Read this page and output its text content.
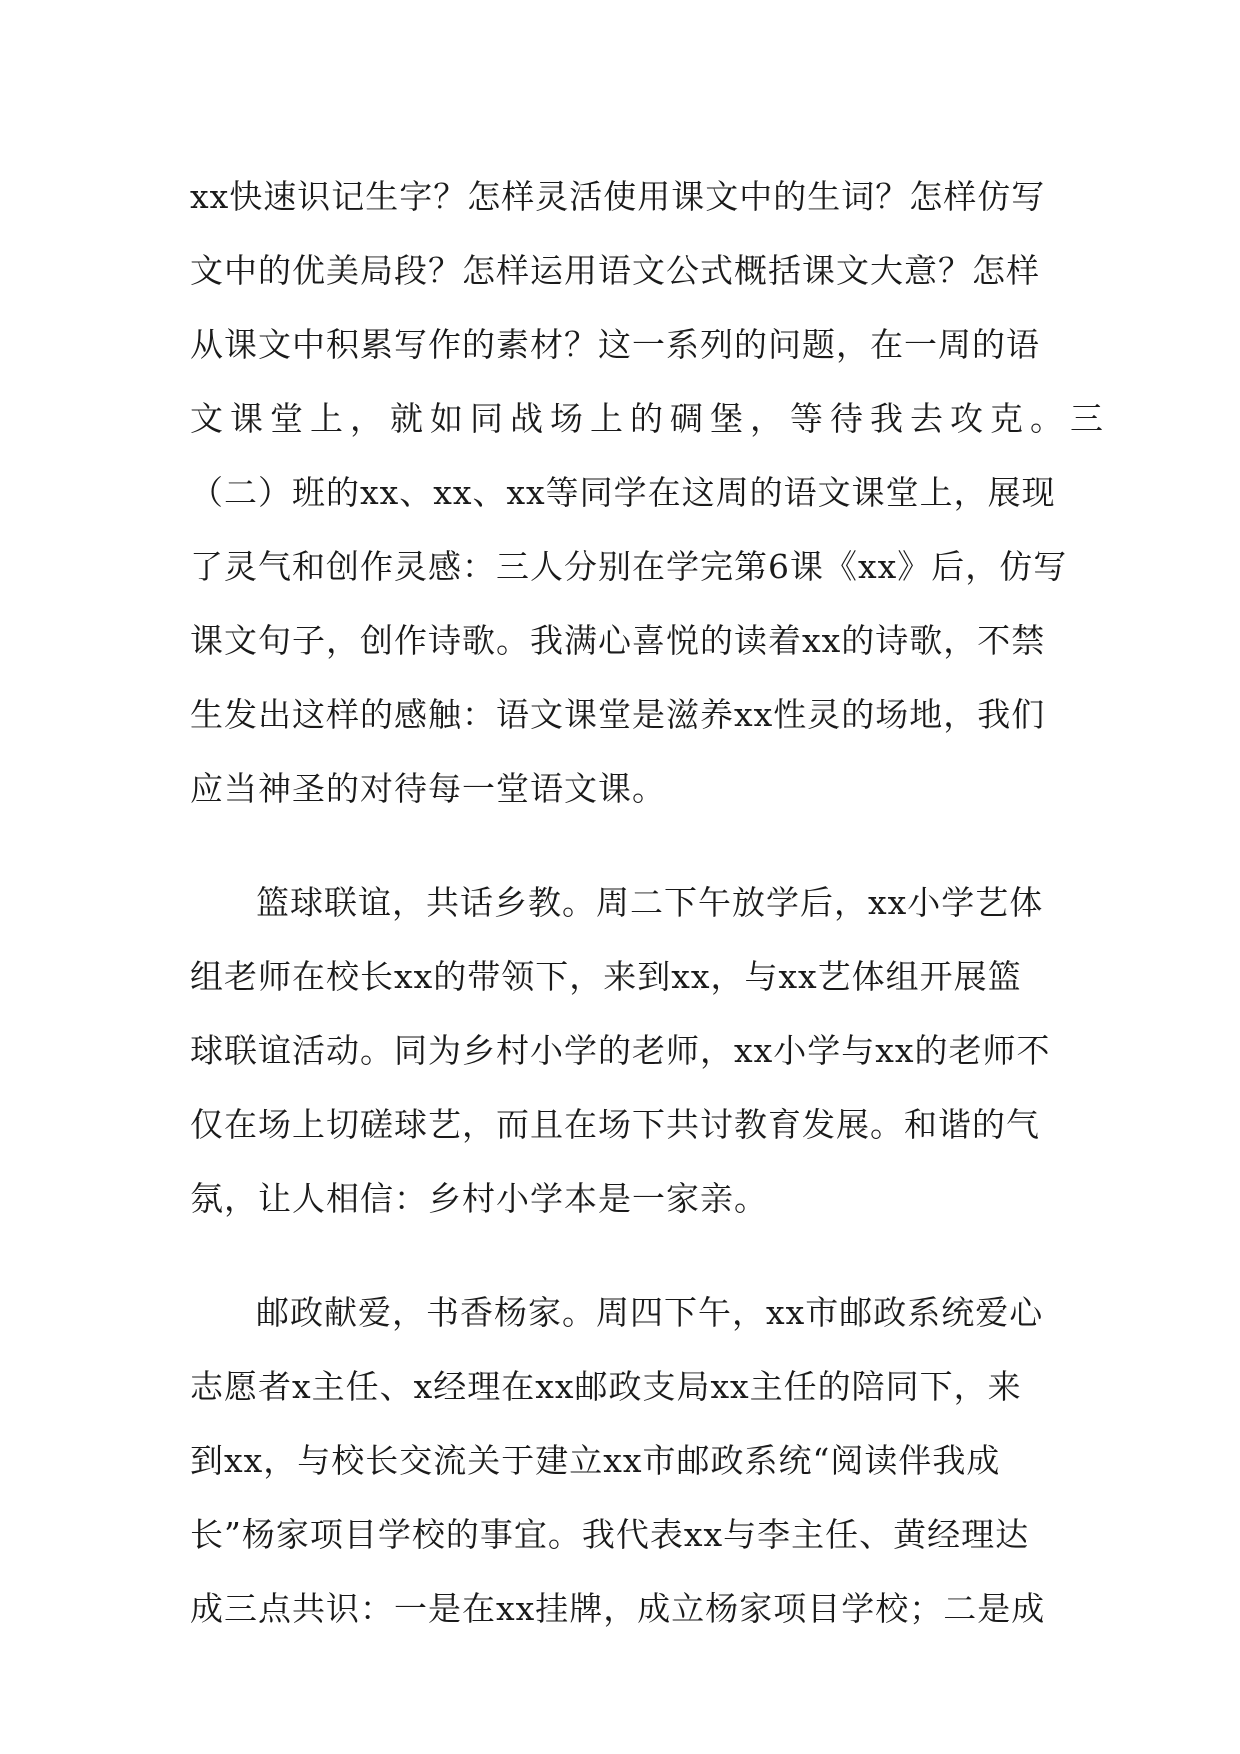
xx快速识记生字？怎样灵活使用课文中的生词？怎样仿写
文中的优美局段？怎样运用语文公式概括课文大意？怎样
从课文中积累写作的素材？这一系列的问题，在一周的语
文课堂上，就如同战场上的碉堡，等待我去攻克。三
（二）班的xx、xx、xx等同学在这周的语文课堂上，展现
了灵气和创作灵感：三人分别在学完第6课《xx》后，仿写
课文句子，创作诗歌。我满心喜悦的读着xx的诗歌，不禁
生发出这样的感触：语文课堂是滋养xx性灵的场地，我们
应当神圣的对待每一堂语文课。
篮球联谊，共话乡教。周二下午放学后，xx小学艺体
组老师在校长xx的带领下，来到xx，与xx艺体组开展篮
球联谊活动。同为乡村小学的老师，xx小学与xx的老师不
仅在场上切磋球艺，而且在场下共讨教育发展。和谐的气
氛，让人相信：乡村小学本是一家亲。
邮政献爱，书香杨家。周四下午，xx市邮政系统爱心
志愿者x主任、x经理在xx邮政支局xx主任的陪同下，来
到xx，与校长交流关于建立xx市邮政系统“阅读伴我成
长”杨家项目学校的事宜。我代表xx与李主任、黄经理达
成三点共识：一是在xx挂牌，成立杨家项目学校；二是成
